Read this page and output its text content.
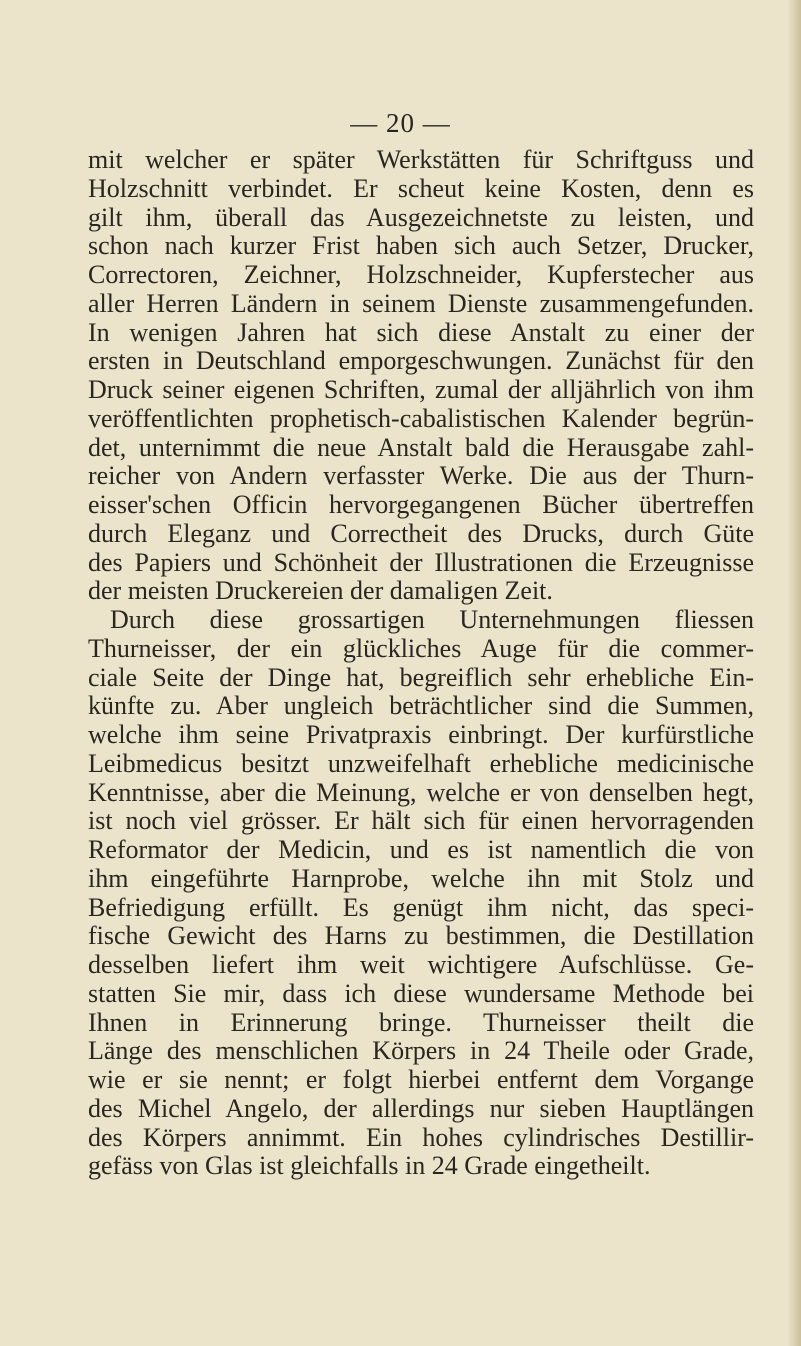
— 20 —
mit welcher er später Werkstätten für Schriftguss und
Holzschnitt verbindet. Er scheut keine Kosten, denn es
gilt ihm, überall das Ausgezeichnetste zu leisten, und
schon nach kurzer Frist haben sich auch Setzer, Drucker,
Correctoren, Zeichner, Holzschneider, Kupferstecher aus
aller Herren Ländern in seinem Dienste zusammengefunden.
In wenigen Jahren hat sich diese Anstalt zu einer der
ersten in Deutschland emporgeschwungen. Zunächst für den
Druck seiner eigenen Schriften, zumal der alljährlich von ihm
veröffentlichten prophetisch-cabalistischen Kalender begrün-
det, unternimmt die neue Anstalt bald die Herausgabe zahl-
reicher von Andern verfasster Werke. Die aus der Thurn-
eisser'schen Officin hervorgegangenen Bücher übertreffen
durch Eleganz und Correctheit des Drucks, durch Güte
des Papiers und Schönheit der Illustrationen die Erzeugnisse
der meisten Druckereien der damaligen Zeit.
Durch diese grossartigen Unternehmungen fliessen
Thurneisser, der ein glückliches Auge für die commer-
ciale Seite der Dinge hat, begreiflich sehr erhebliche Ein-
künfte zu. Aber ungleich beträchtlicher sind die Summen,
welche ihm seine Privatpraxis einbringt. Der kurfürstliche
Leibmedicus besitzt unzweifelhaft erhebliche medicinische
Kenntnisse, aber die Meinung, welche er von denselben hegt,
ist noch viel grösser. Er hält sich für einen hervorragenden
Reformator der Medicin, und es ist namentlich die von
ihm eingeführte Harnprobe, welche ihn mit Stolz und
Befriedigung erfüllt. Es genügt ihm nicht, das speci-
fische Gewicht des Harns zu bestimmen, die Destillation
desselben liefert ihm weit wichtigere Aufschlüsse. Ge-
statten Sie mir, dass ich diese wundersame Methode bei
Ihnen in Erinnerung bringe. Thurneisser theilt die
Länge des menschlichen Körpers in 24 Theile oder Grade,
wie er sie nennt; er folgt hierbei entfernt dem Vorgange
des Michel Angelo, der allerdings nur sieben Hauptlängen
des Körpers annimmt. Ein hohes cylindrisches Destillir-
gefäss von Glas ist gleichfalls in 24 Grade eingetheilt.
